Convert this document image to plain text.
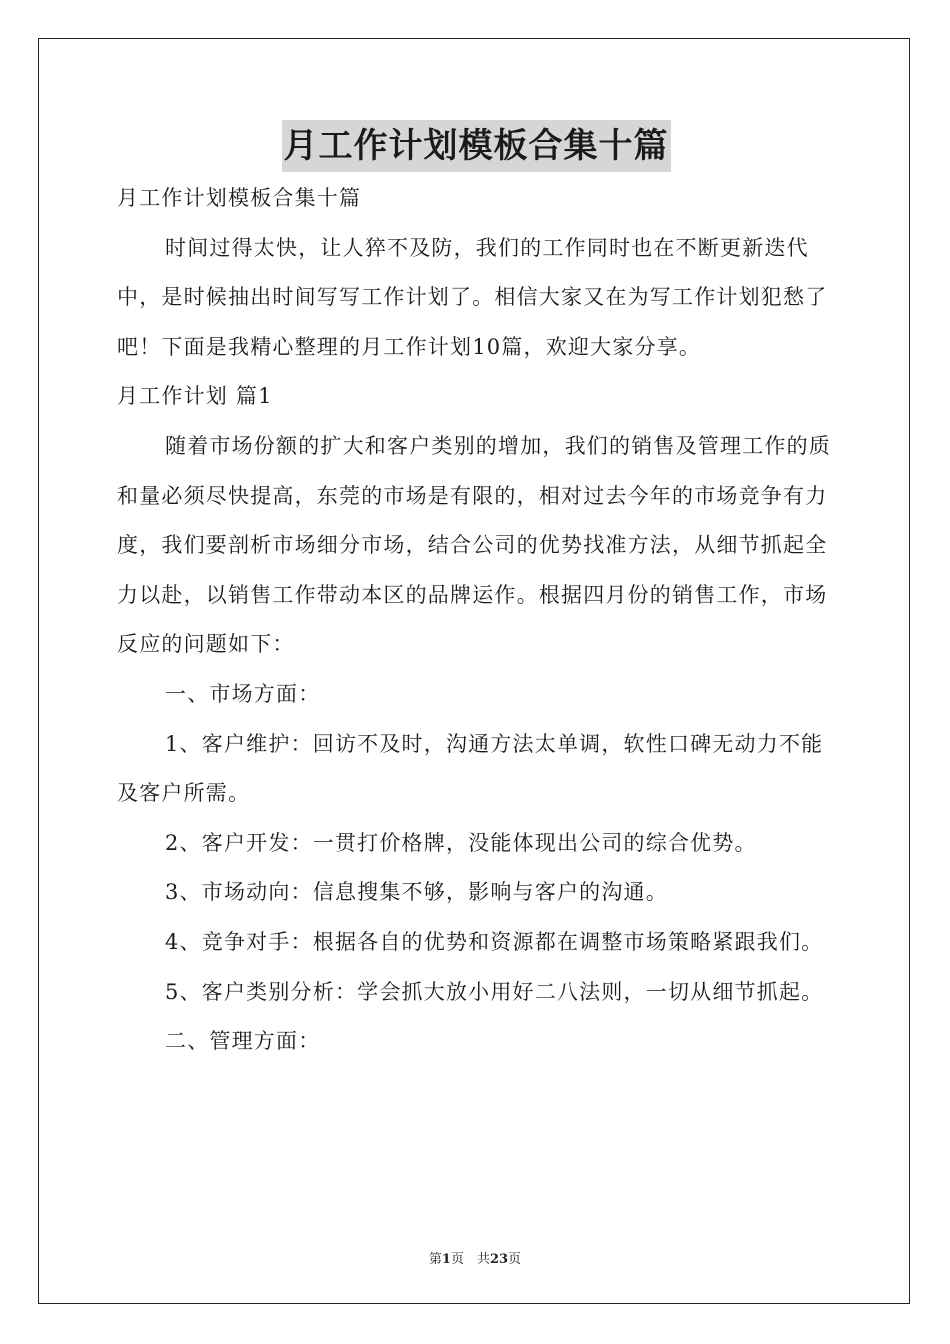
月工作计划模板合集十篇

月工作计划模板合集十篇

时间过得太快，让人猝不及防，我们的工作同时也在不断更新迭代中，是时候抽出时间写写工作计划了。相信大家又在为写工作计划犯愁了吧！下面是我精心整理的月工作计划10篇，欢迎大家分享。

月工作计划 篇1

随着市场份额的扩大和客户类别的增加，我们的销售及管理工作的质和量必须尽快提高，东莞的市场是有限的，相对过去今年的市场竞争有力度，我们要剖析市场细分市场，结合公司的优势找准方法，从细节抓起全力以赴，以销售工作带动本区的品牌运作。根据四月份的销售工作，市场反应的问题如下：

一、市场方面：

1、客户维护：回访不及时，沟通方法太单调，软性口碑无动力不能及客户所需。

2、客户开发：一贯打价格牌，没能体现出公司的综合优势。

3、市场动向：信息搜集不够，影响与客户的沟通。

4、竞争对手：根据各自的优势和资源都在调整市场策略紧跟我们。

5、客户类别分析：学会抓大放小用好二八法则，一切从细节抓起。

二、管理方面：

第1页　共23页
